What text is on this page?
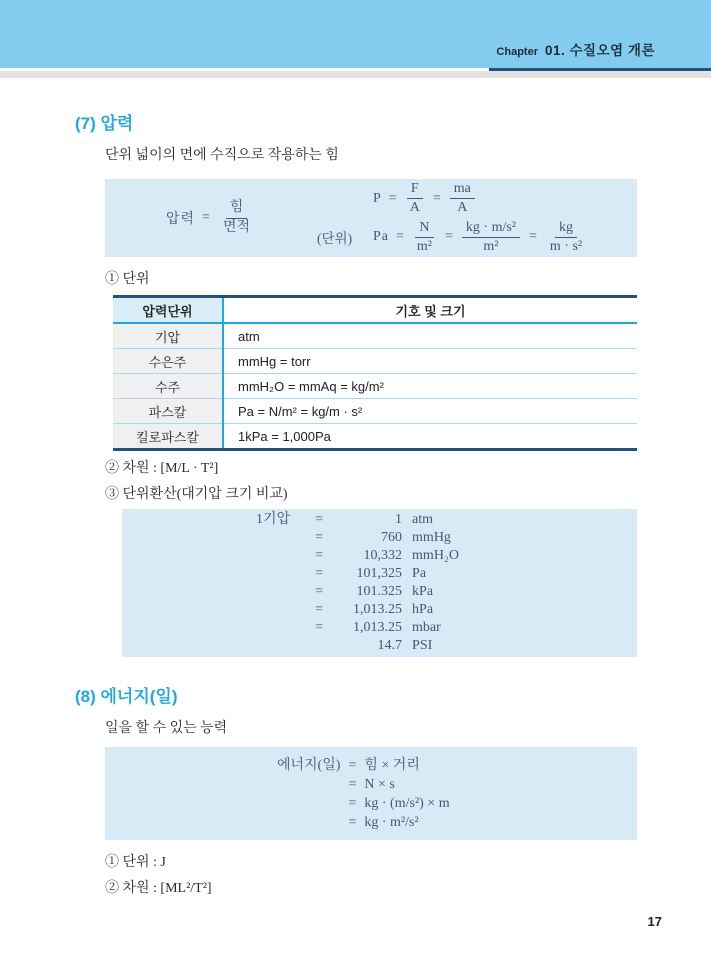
Chapter 01. 수질오염 개론
(7) 압력

단위 넓이의 면에 수직으로 작용하는 힘

압력 = $\frac{\text{힘}}{\text{면적}}$
$P = \frac{F}{A} = \frac{ma}{A}$
(단위)	$Pa = \frac{N}{\text{m²}} = \frac{\text{kg · m/s²}}{\text{m²}} = \frac{kg}{\text{m · s²}}$

① 단위

압력단위	기호 및 크기
기압	atm
수은주	mmHg = torr
수주	mmH₂O = mmAq = kg/m²
파스칼	Pa = N/m² = kg/m · s²
킬로파스칼	1kPa = 1,000Pa

② 차원 : [M/L · T²]

③ 단위환산(대기압 크기 비교)

1기압	=	1 atm
=	760 mmHg
=	10,332 mmH₂O
=	101,325 Pa
=	101.325 kPa
=	1,013.25 hPa
=	1,013.25 mbar
14.7 PSI
(8) 에너지(일)

일을 할 수 있는 능력

에너지(일) = 힘 × 거리
= N × s
= kg · (m/s²) × m
= kg · m²/s²

① 단위 : J

② 차원 : [ML²/T²]

17
